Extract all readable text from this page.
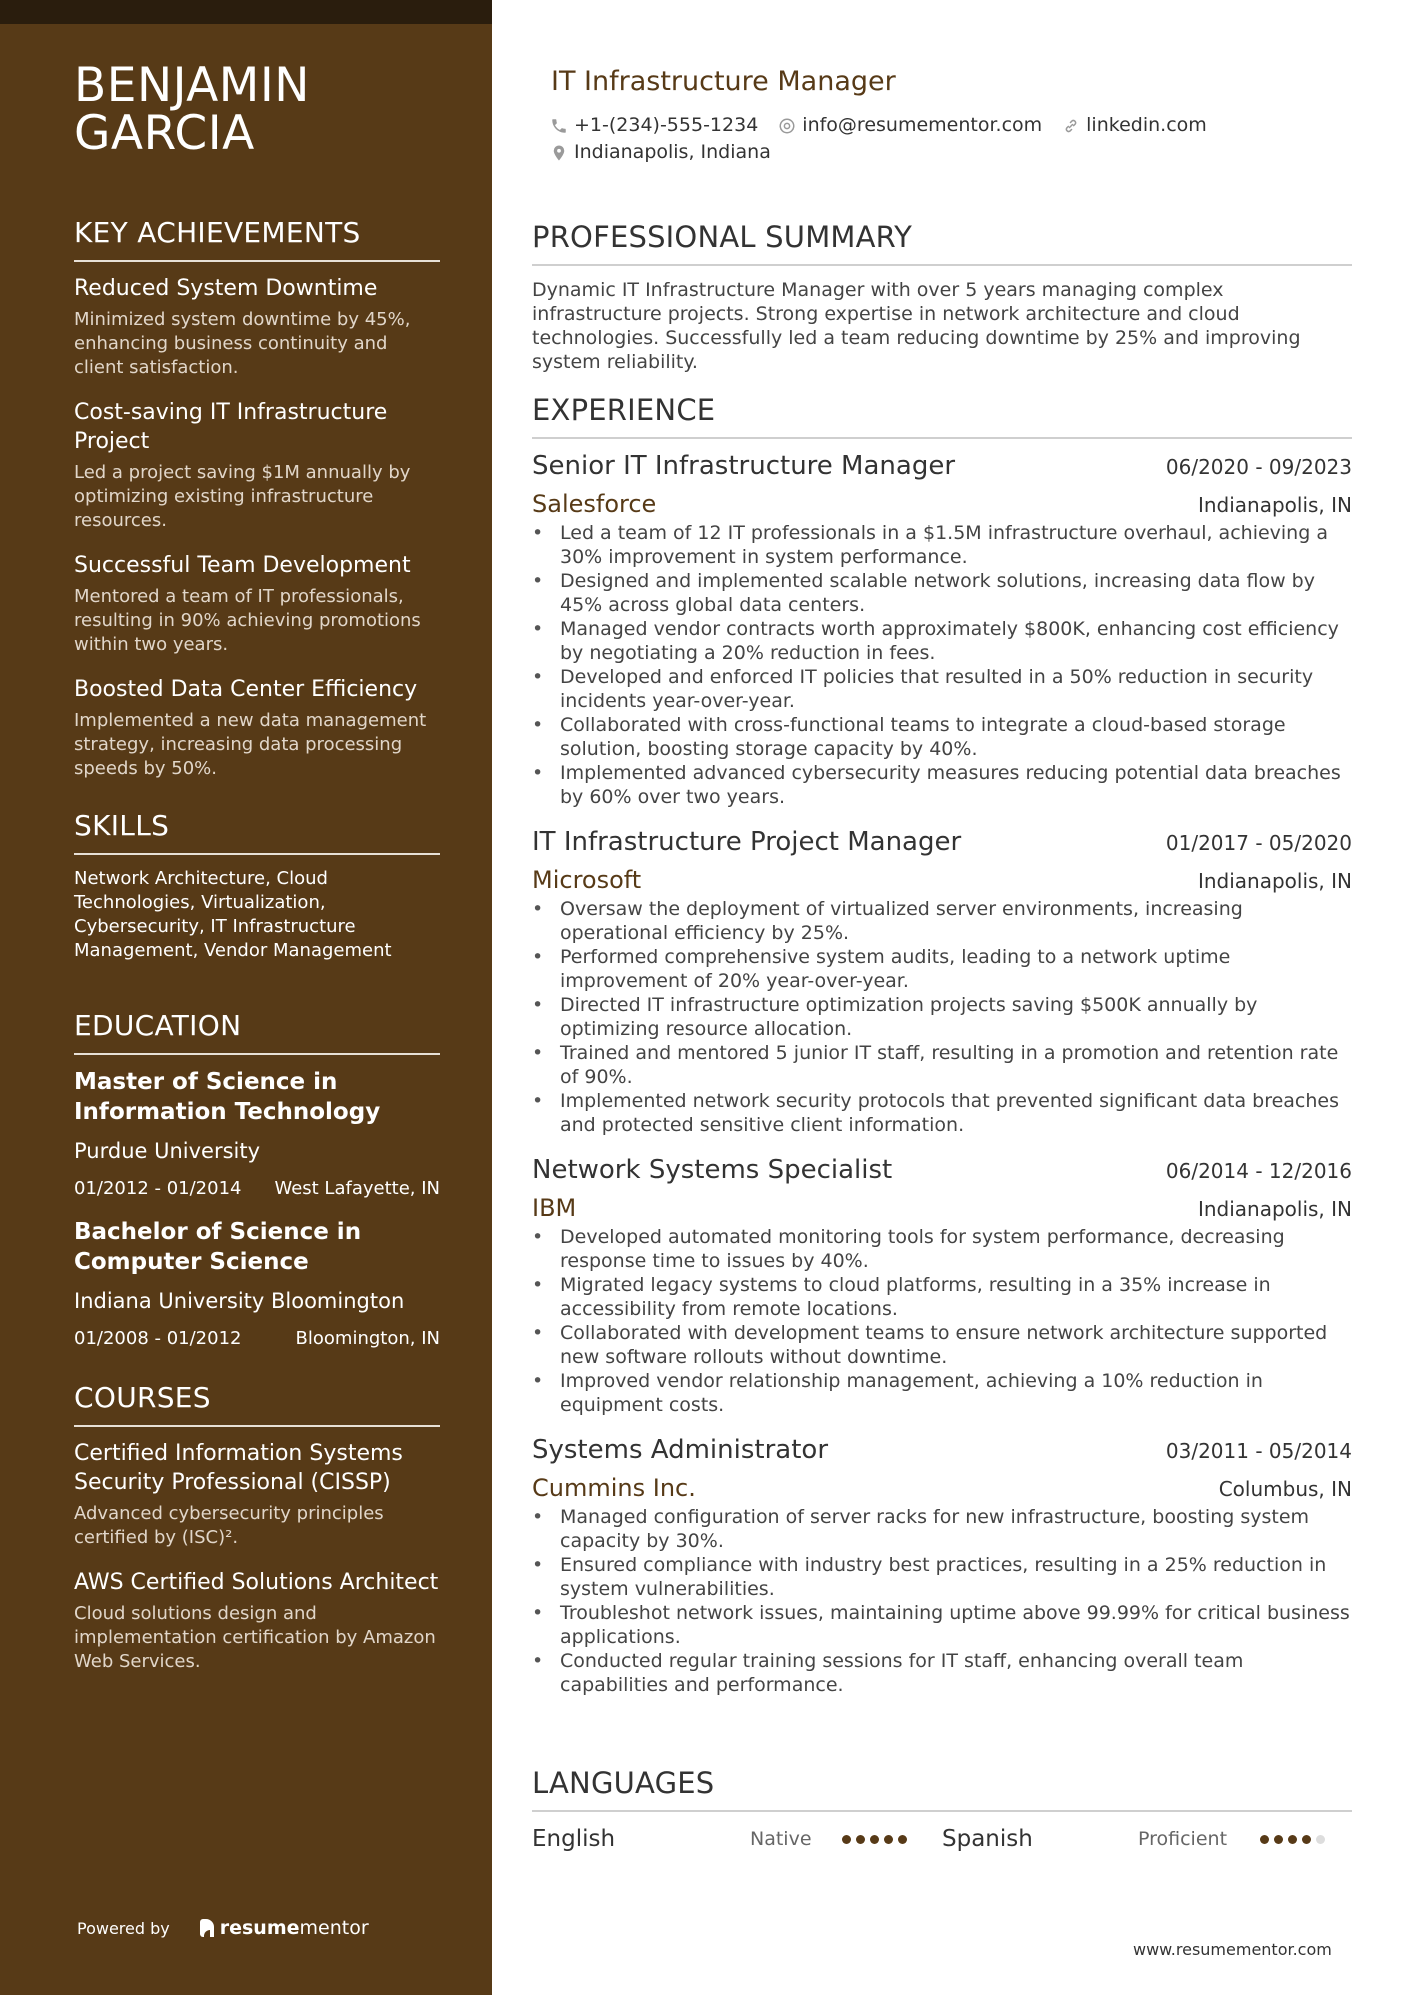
BENJAMIN
GARCIA
KEY ACHIEVEMENTS
Reduced System Downtime
Minimized system downtime by 45%, enhancing business continuity and client satisfaction.
Cost-saving IT Infrastructure Project
Led a project saving $1M annually by optimizing existing infrastructure resources.
Successful Team Development
Mentored a team of IT professionals, resulting in 90% achieving promotions within two years.
Boosted Data Center Efficiency
Implemented a new data management strategy, increasing data processing speeds by 50%.
SKILLS
Network Architecture, Cloud Technologies, Virtualization, Cybersecurity, IT Infrastructure Management, Vendor Management
EDUCATION
Master of Science in Information Technology
Purdue University
01/2012 - 01/2014 West Lafayette, IN
Bachelor of Science in Computer Science
Indiana University Bloomington
01/2008 - 01/2012	Bloomington, IN
COURSES
Certified Information Systems Security Professional (CISSP)
Advanced cybersecurity principles certified by (ISC)².
AWS Certified Solutions Architect
Cloud solutions design and implementation certification by Amazon Web Services.
Powered by	resumementor
IT Infrastructure Manager
+1-(234)-555-1234 info@resumementor.com linkedin.com
Indianapolis, Indiana
PROFESSIONAL SUMMARY
Dynamic IT Infrastructure Manager with over 5 years managing complex infrastructure projects. Strong expertise in network architecture and cloud technologies. Successfully led a team reducing downtime by 25% and improving system reliability.
EXPERIENCE
Senior IT Infrastructure Manager	06/2020 - 09/2023
Salesforce	Indianapolis, IN
• Led a team of 12 IT professionals in a $1.5M infrastructure overhaul, achieving a 30% improvement in system performance.
• Designed and implemented scalable network solutions, increasing data flow by 45% across global data centers.
• Managed vendor contracts worth approximately $800K, enhancing cost efficiency by negotiating a 20% reduction in fees.
• Developed and enforced IT policies that resulted in a 50% reduction in security incidents year-over-year.
• Collaborated with cross-functional teams to integrate a cloud-based storage solution, boosting storage capacity by 40%.
• Implemented advanced cybersecurity measures reducing potential data breaches by 60% over two years.
IT Infrastructure Project Manager	01/2017 - 05/2020
Microsoft	Indianapolis, IN
• Oversaw the deployment of virtualized server environments, increasing operational efficiency by 25%.
• Performed comprehensive system audits, leading to a network uptime improvement of 20% year-over-year.
• Directed IT infrastructure optimization projects saving $500K annually by optimizing resource allocation.
• Trained and mentored 5 junior IT staff, resulting in a promotion and retention rate of 90%.
• Implemented network security protocols that prevented significant data breaches and protected sensitive client information.
Network Systems Specialist	06/2014 - 12/2016
IBM	Indianapolis, IN
• Developed automated monitoring tools for system performance, decreasing response time to issues by 40%.
• Migrated legacy systems to cloud platforms, resulting in a 35% increase in accessibility from remote locations.
• Collaborated with development teams to ensure network architecture supported new software rollouts without downtime.
• Improved vendor relationship management, achieving a 10% reduction in equipment costs.
Systems Administrator	03/2011 - 05/2014
Cummins Inc.	Columbus, IN
• Managed configuration of server racks for new infrastructure, boosting system capacity by 30%.
• Ensured compliance with industry best practices, resulting in a 25% reduction in system vulnerabilities.
• Troubleshot network issues, maintaining uptime above 99.99% for critical business applications.
• Conducted regular training sessions for IT staff, enhancing overall team capabilities and performance.
LANGUAGES
English	Native	Spanish	Proficient
www.resumementor.com
